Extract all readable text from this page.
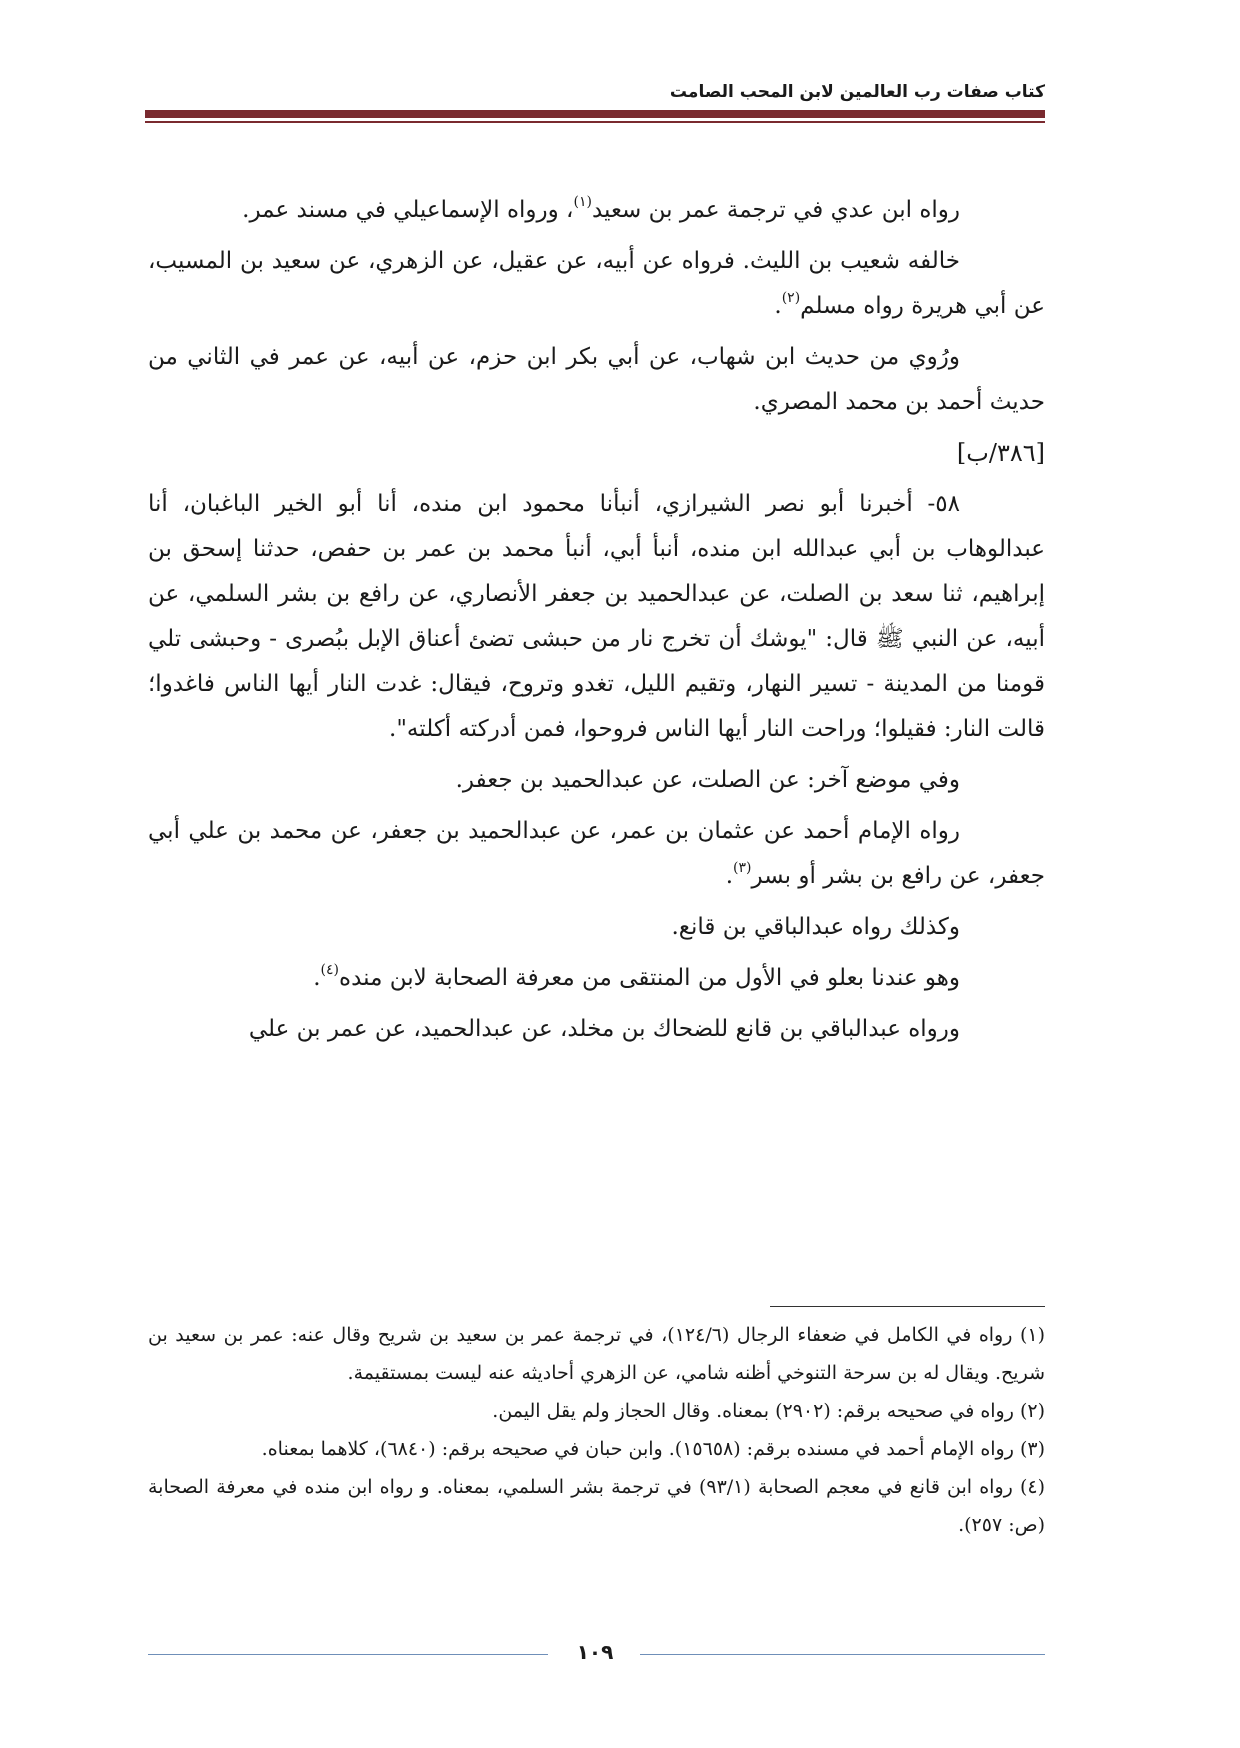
كتاب صفات رب العالمين لابن المحب الصامت

رواه ابن عدي في ترجمة عمر بن سعيد$^{(١)}$، ورواه الإسماعيلي في مسند عمر.

خالفه شعيب بن الليث. فرواه عن أبيه، عن عقيل، عن الزهري، عن سعيد بن المسيب، عن أبي هريرة رواه مسلم$^{(٢)}$.

ورُوي من حديث ابن شهاب، عن أبي بكر ابن حزم، عن أبيه، عن عمر في الثاني من حديث أحمد بن محمد المصري.

[٣٨٦/ب]

٥٨- أخبرنا أبو نصر الشيرازي، أنبأنا محمود ابن منده، أنا أبو الخير الباغبان، أنا عبدالوهاب بن أبي عبدالله ابن منده، أنبأ أبي، أنبأ محمد بن عمر بن حفص، حدثنا إسحق بن إبراهيم، ثنا سعد بن الصلت، عن عبدالحميد بن جعفر الأنصاري، عن رافع بن بشر السلمي، عن أبيه، عن النبي ﷺ قال: "يوشك أن تخرج نار من حبشى تضئ أعناق الإبل ببُصرى - وحبشى تلي قومنا من المدينة - تسير النهار، وتقيم الليل، تغدو وتروح، فيقال: غدت النار أيها الناس فاغدوا؛ قالت النار: فقيلوا؛ وراحت النار أيها الناس فروحوا، فمن أدركته أكلته".

وفي موضع آخر: عن الصلت، عن عبدالحميد بن جعفر.

رواه الإمام أحمد عن عثمان بن عمر، عن عبدالحميد بن جعفر، عن محمد بن علي أبي جعفر، عن رافع بن بشر أو بسر$^{(٣)}$.

وكذلك رواه عبدالباقي بن قانع.

وهو عندنا بعلو في الأول من المنتقى من معرفة الصحابة لابن منده$^{(٤)}$.

ورواه عبدالباقي بن قانع للضحاك بن مخلد، عن عبدالحميد، عن عمر بن علي

(١) رواه في الكامل في ضعفاء الرجال (١٢٤/٦)، في ترجمة عمر بن سعيد بن شريح وقال عنه: عمر بن سعيد بن شريح. ويقال له بن سرحة التنوخي أظنه شامي، عن الزهري أحاديثه عنه ليست بمستقيمة.

(٢) رواه في صحيحه برقم: (٢٩٠٢) بمعناه. وقال الحجاز ولم يقل اليمن.

(٣) رواه الإمام أحمد في مسنده برقم: (١٥٦٥٨). وابن حبان في صحيحه برقم: (٦٨٤٠)، كلاهما بمعناه.

(٤) رواه ابن قانع في معجم الصحابة (٩٣/١) في ترجمة بشر السلمي، بمعناه. و رواه ابن منده في معرفة الصحابة (ص: ٢٥٧).

١٠٩
